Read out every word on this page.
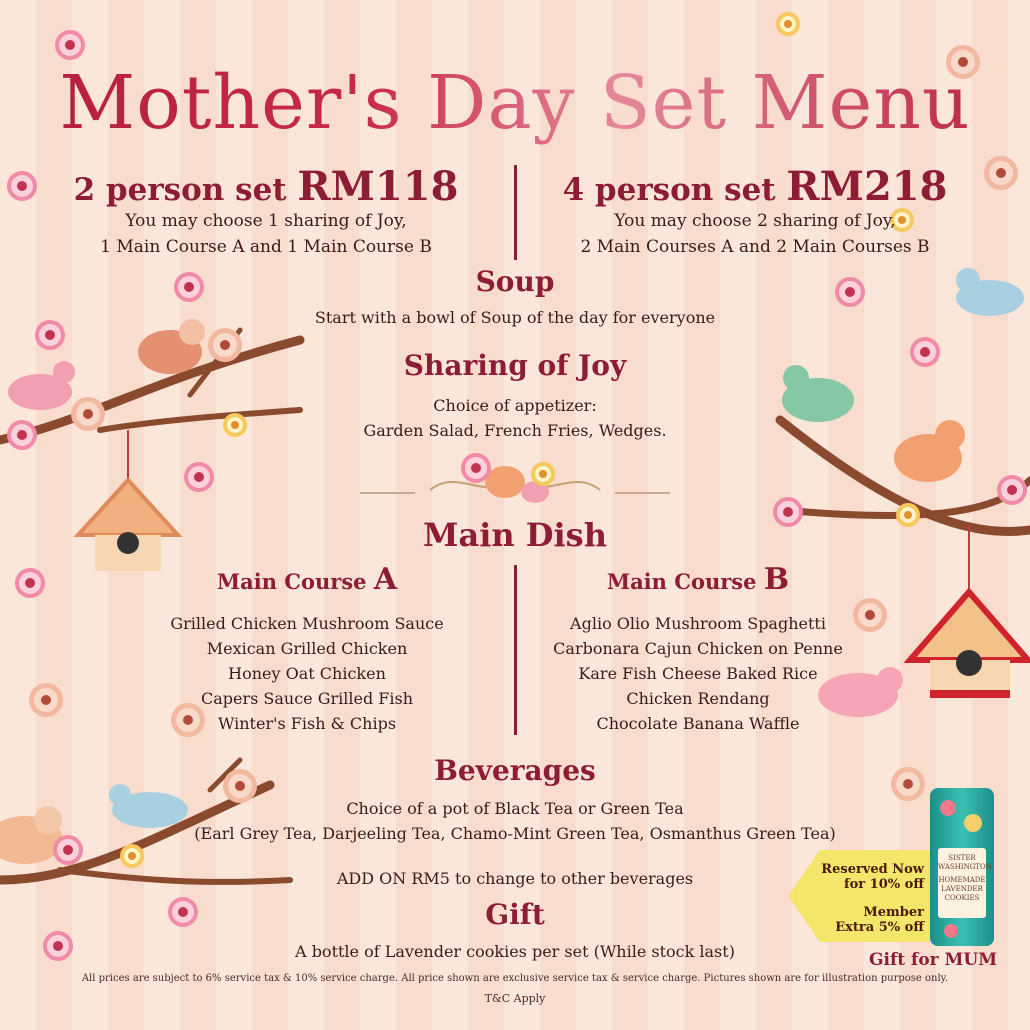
Mother's Day Set Menu
2 person set RM118
You may choose 1 sharing of Joy,
1 Main Course A and 1 Main Course B
4 person set RM218
You may choose 2 sharing of Joy,
2 Main Courses A and 2 Main Courses B
Soup
Start with a bowl of Soup of the day for everyone
Sharing of Joy
Choice of appetizer:
Garden Salad, French Fries, Wedges.
Main Dish
Main Course A
Grilled Chicken Mushroom Sauce
Mexican Grilled Chicken
Honey Oat Chicken
Capers Sauce Grilled Fish
Winter's Fish & Chips
Main Course B
Aglio Olio Mushroom Spaghetti
Carbonara Cajun Chicken on Penne
Kare Fish Cheese Baked Rice
Chicken Rendang
Chocolate Banana Waffle
Beverages
Choice of a pot of Black Tea or Green Tea
(Earl Grey Tea, Darjeeling Tea, Chamo-Mint Green Tea, Osmanthus Green Tea)
ADD ON RM5 to change to other beverages
Gift
A bottle of Lavender cookies per set (While stock last)
Reserved Now
for 10% off
Member
Extra 5% off
SISTER WASHINGTON
HOMEMADE
LAVENDER
COOKIES
Gift for MUM
All prices are subject to 6% service tax & 10% service charge. All price shown are exclusive service tax & service charge. Pictures shown are for illustration purpose only.
T&C Apply
